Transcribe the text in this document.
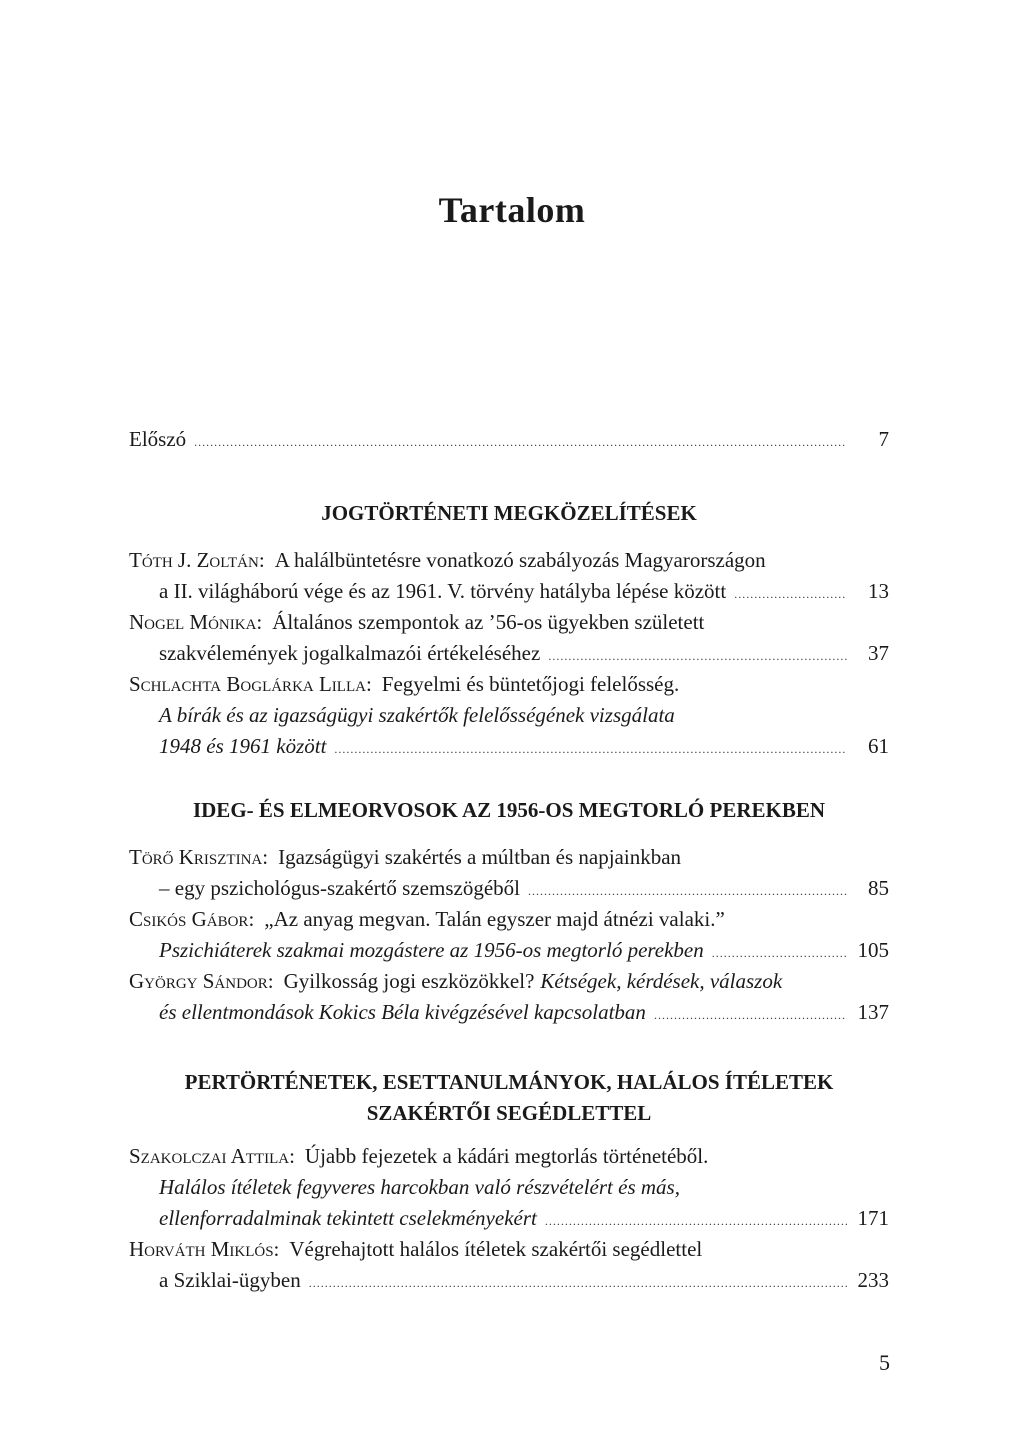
Tartalom
Előszó .....	7
JOGTÖRTÉNETI MEGKÖZELÍTÉSEK
Tóth J. Zoltán: A halálbüntetésre vonatkozó szabályozás Magyarországon
a II. világháború vége és az 1961. V. törvény hatályba lépése között .....	13
Nogel Mónika: Általános szempontok az ’56-os ügyekben született
szakvélemények jogalkalmazói értékeléséhez .....	37
Schlachta Boglárka Lilla: Fegyelmi és büntetőjogi felelősség.
A bírák és az igazságügyi szakértők felelősségének vizsgálata
1948 és 1961 között .....	61
IDEG- ÉS ELMEORVOSOK AZ 1956-OS MEGTORLÓ PEREKBEN
Törő Krisztina: Igazságügyi szakértés a múltban és napjainkban
– egy pszichológus-szakértő szemszögéből .....	85
Csikós Gábor: „Az anyag megvan. Talán egyszer majd átnézi valaki.”
Pszichiáterek szakmai mozgástere az 1956-os megtorló perekben .....	105
György Sándor: Gyilkosság jogi eszközökkel? Kétségek, kérdések, válaszok
és ellentmondások Kokics Béla kivégzésével kapcsolatban .....	137
PERTÖRTÉNETEK, ESETTANULMÁNYOK, HALÁLOS ÍTÉLETEK
SZAKÉRTŐI SEGÉDLETTEL
Szakolczai Attila: Újabb fejezetek a kádári megtorlás történetéből.
Halálos ítéletek fegyveres harcokban való részvételért és más,
ellenforradalminak tekintett cselekményekért .....	171
Horváth Miklós: Végrehajtott halálos ítéletek szakértői segédlettel
a Sziklai-ügyben .....	233
5
